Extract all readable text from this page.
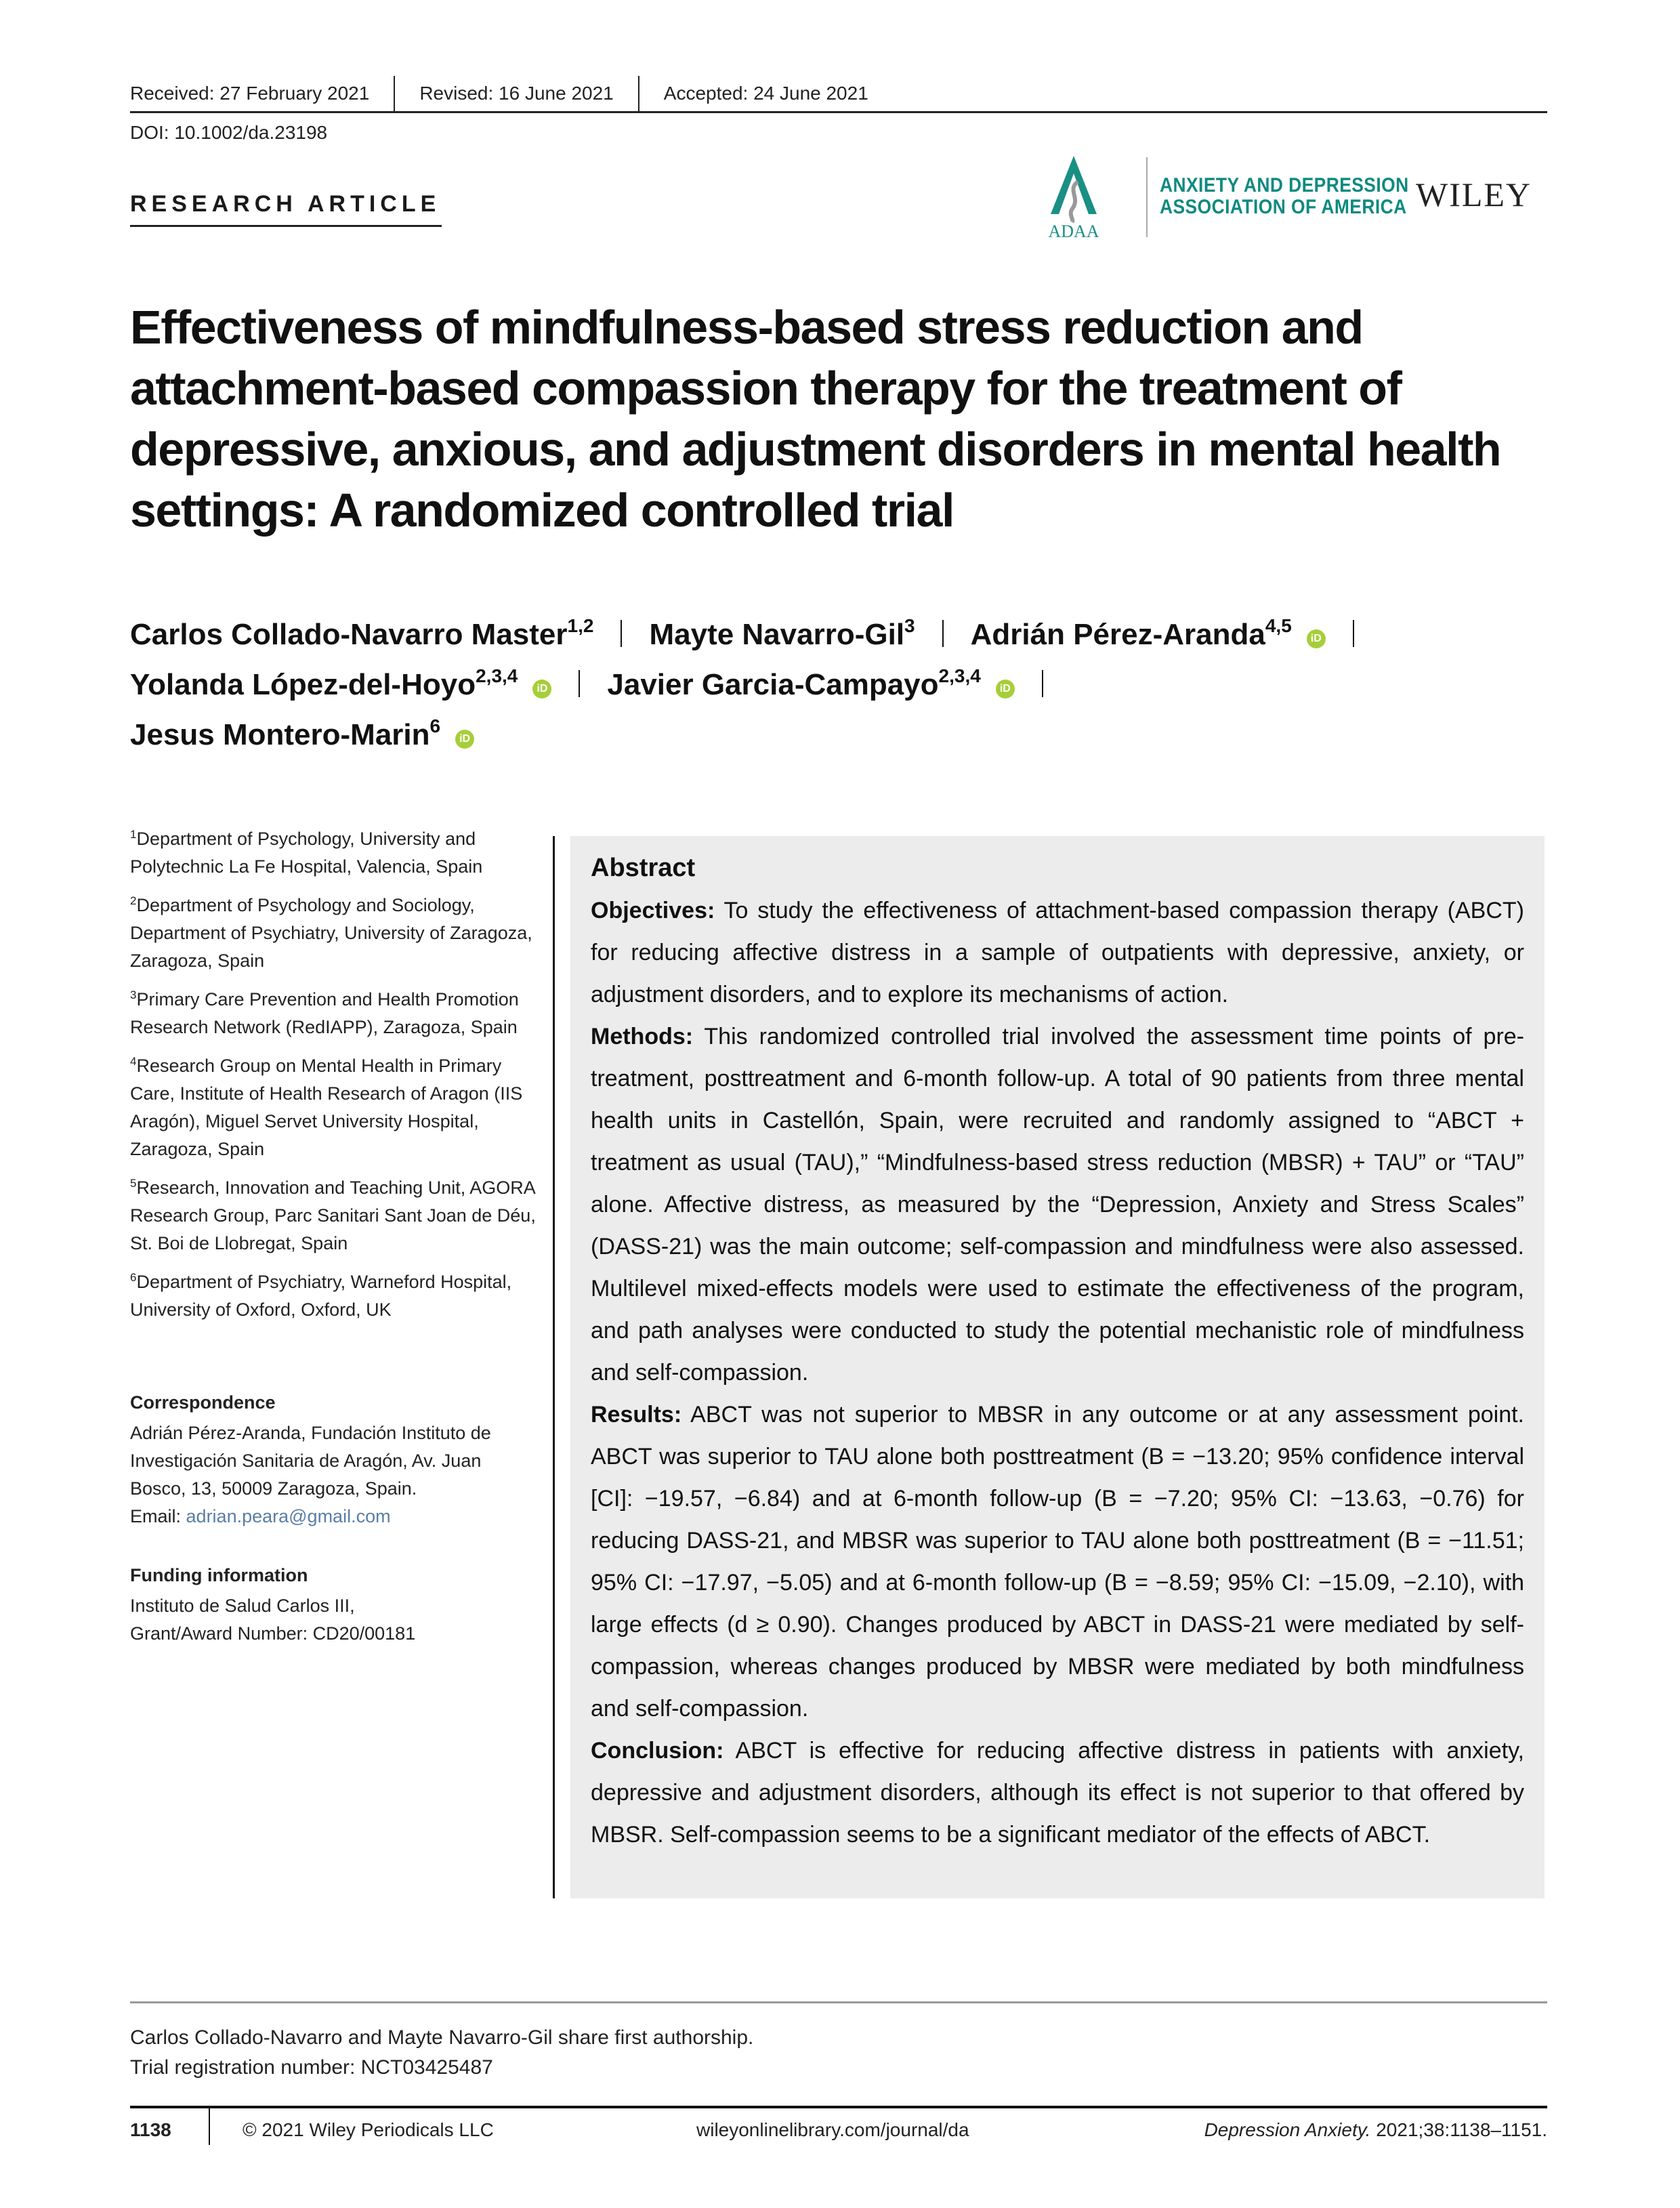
Received: 27 February 2021	Revised: 16 June 2021	Accepted: 24 June 2021
DOI: 10.1002/da.23198
RESEARCH ARTICLE
ADAA
ANXIETY AND DEPRESSION
ASSOCIATION OF AMERICA WILEY
Effectiveness of mindfulness-based stress reduction and attachment-based compassion therapy for the treatment of depressive, anxious, and adjustment disorders in mental health settings: A randomized controlled trial
Carlos Collado-Navarro Master$^{1,2}$ Mayte Navarro-Gil$^3$ Adrián Pérez-Aranda$^{4,5}$iD
Yolanda López-del-Hoyo$^{2,3,4}$iD Javier Garcia-Campayo$^{2,3,4}$iD
Jesus Montero-Marin$^6$iD

$^1$Department of Psychology, University and Polytechnic La Fe Hospital, Valencia, Spain

$^2$Department of Psychology and Sociology, Department of Psychiatry, University of Zaragoza, Zaragoza, Spain

$^3$Primary Care Prevention and Health Promotion Research Network (RedIAPP), Zaragoza, Spain

$^4$Research Group on Mental Health in Primary Care, Institute of Health Research of Aragon (IIS Aragón), Miguel Servet University Hospital, Zaragoza, Spain

$^5$Research, Innovation and Teaching Unit, AGORA Research Group, Parc Sanitari Sant Joan de Déu, St. Boi de Llobregat, Spain

$^6$Department of Psychiatry, Warneford Hospital, University of Oxford, Oxford, UK

Correspondence

Adrián Pérez-Aranda, Fundación Instituto de Investigación Sanitaria de Aragón, Av. Juan Bosco, 13, 50009 Zaragoza, Spain.

Email: adrian.peara@gmail.com

Funding information

Instituto de Salud Carlos III,

Grant/Award Number: CD20/00181

Abstract

Objectives: To study the effectiveness of attachment-based compassion therapy (ABCT) for reducing affective distress in a sample of outpatients with depressive, anxiety, or adjustment disorders, and to explore its mechanisms of action.

Methods: This randomized controlled trial involved the assessment time points of pre-treatment, posttreatment and 6-month follow-up. A total of 90 patients from three mental health units in Castellón, Spain, were recruited and randomly assigned to “ABCT + treatment as usual (TAU),” “Mindfulness-based stress reduction (MBSR) + TAU” or “TAU” alone. Affective distress, as measured by the “Depression, Anxiety and Stress Scales” (DASS-21) was the main outcome; self-compassion and mindfulness were also assessed. Multilevel mixed-effects models were used to estimate the effectiveness of the program, and path analyses were conducted to study the potential mechanistic role of mindfulness and self-compassion.

Results: ABCT was not superior to MBSR in any outcome or at any assessment point. ABCT was superior to TAU alone both posttreatment (B = −13.20; 95% confidence interval [CI]: −19.57, −6.84) and at 6-month follow-up (B = −7.20; 95% CI: −13.63, −0.76) for reducing DASS-21, and MBSR was superior to TAU alone both posttreatment (B = −11.51; 95% CI: −17.97, −5.05) and at 6-month follow-up (B = −8.59; 95% CI: −15.09, −2.10), with large effects (d ≥ 0.90). Changes produced by ABCT in DASS-21 were mediated by self-compassion, whereas changes produced by MBSR were mediated by both mindfulness and self-compassion.

Conclusion: ABCT is effective for reducing affective distress in patients with anxiety, depressive and adjustment disorders, although its effect is not superior to that offered by MBSR. Self-compassion seems to be a significant mediator of the effects of ABCT.

Carlos Collado-Navarro and Mayte Navarro-Gil share first authorship.

Trial registration number: NCT03425487

1138	© 2021 Wiley Periodicals LLC	wileyonlinelibrary.com/journal/da	Depression Anxiety. 2021;38:1138–1151.
